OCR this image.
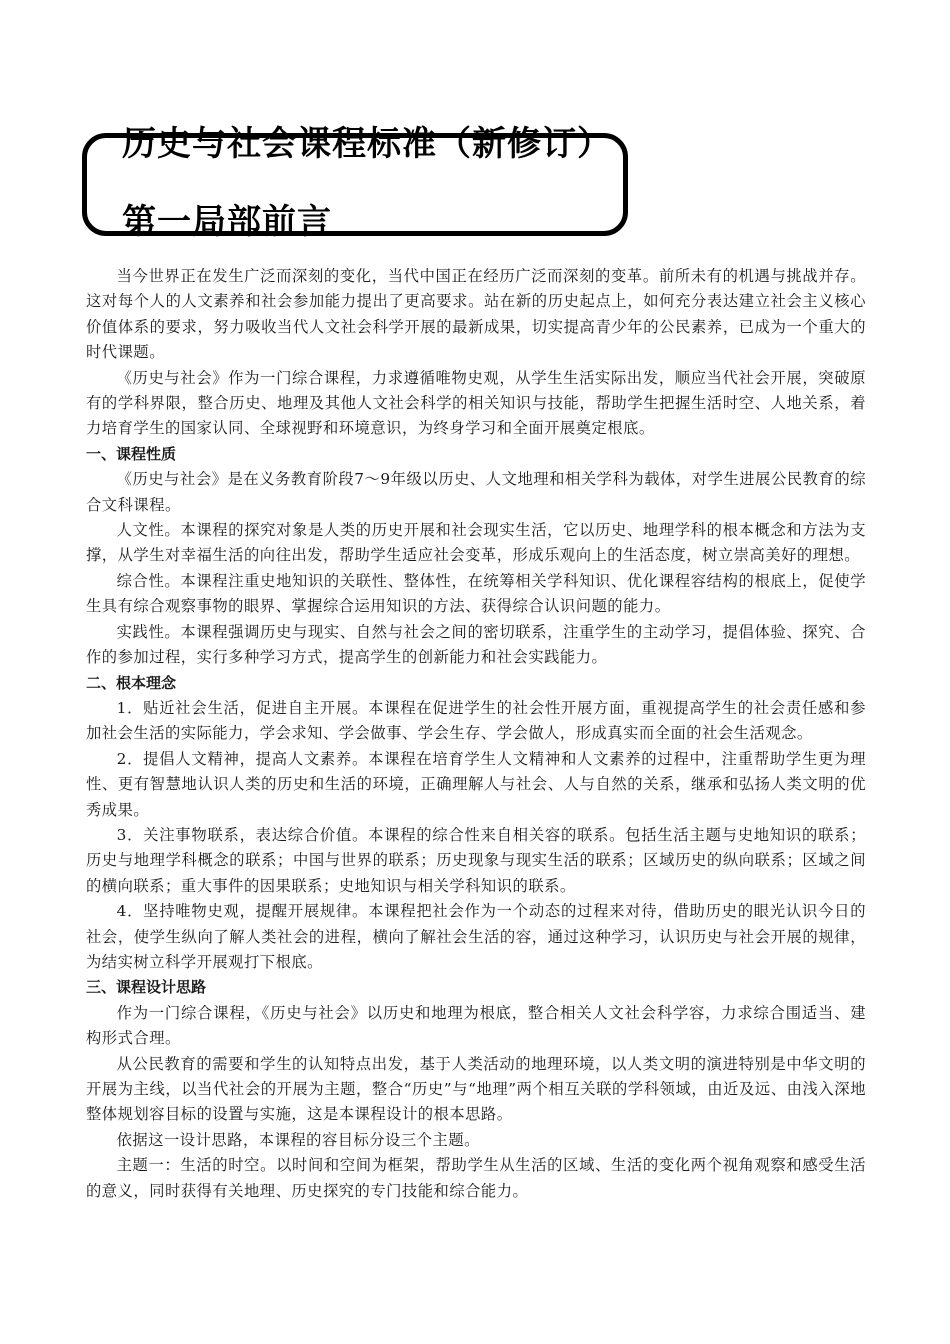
历史与社会课程标准（新修订）
第一局部前言

当今世界正在发生广泛而深刻的变化，当代中国正在经历广泛而深刻的变革。前所未有的机遇与挑战并存。这对每个人的人文素养和社会参加能力提出了更高要求。站在新的历史起点上，如何充分表达建立社会主义核心价值体系的要求，努力吸收当代人文社会科学开展的最新成果，切实提高青少年的公民素养，已成为一个重大的时代课题。

《历史与社会》作为一门综合课程，力求遵循唯物史观，从学生生活实际出发，顺应当代社会开展，突破原有的学科界限，整合历史、地理及其他人文社会科学的相关知识与技能，帮助学生把握生活时空、人地关系，着力培育学生的国家认同、全球视野和环境意识，为终身学习和全面开展奠定根底。

一、课程性质

《历史与社会》是在义务教育阶段7～9年级以历史、人文地理和相关学科为载体，对学生进展公民教育的综合文科课程。

人文性。本课程的探究对象是人类的历史开展和社会现实生活，它以历史、地理学科的根本概念和方法为支撑，从学生对幸福生活的向往出发，帮助学生适应社会变革，形成乐观向上的生活态度，树立崇高美好的理想。

综合性。本课程注重史地知识的关联性、整体性，在统筹相关学科知识、优化课程容结构的根底上，促使学生具有综合观察事物的眼界、掌握综合运用知识的方法、获得综合认识问题的能力。

实践性。本课程强调历史与现实、自然与社会之间的密切联系，注重学生的主动学习，提倡体验、探究、合作的参加过程，实行多种学习方式，提高学生的创新能力和社会实践能力。

二、根本理念

1．贴近社会生活，促进自主开展。本课程在促进学生的社会性开展方面，重视提高学生的社会责任感和参加社会生活的实际能力，学会求知、学会做事、学会生存、学会做人，形成真实而全面的社会生活观念。

2．提倡人文精神，提高人文素养。本课程在培育学生人文精神和人文素养的过程中，注重帮助学生更为理性、更有智慧地认识人类的历史和生活的环境，正确理解人与社会、人与自然的关系，继承和弘扬人类文明的优秀成果。

3．关注事物联系，表达综合价值。本课程的综合性来自相关容的联系。包括生活主题与史地知识的联系；历史与地理学科概念的联系；中国与世界的联系；历史现象与现实生活的联系；区域历史的纵向联系；区域之间的横向联系；重大事件的因果联系；史地知识与相关学科知识的联系。

4．坚持唯物史观，提醒开展规律。本课程把社会作为一个动态的过程来对待，借助历史的眼光认识今日的社会，使学生纵向了解人类社会的进程，横向了解社会生活的容，通过这种学习，认识历史与社会开展的规律，为结实树立科学开展观打下根底。

三、课程设计思路

作为一门综合课程，《历史与社会》以历史和地理为根底，整合相关人文社会科学容，力求综合围适当、建构形式合理。

从公民教育的需要和学生的认知特点出发，基于人类活动的地理环境，以人类文明的演进特别是中华文明的开展为主线，以当代社会的开展为主题，整合“历史”与“地理”两个相互关联的学科领域，由近及远、由浅入深地整体规划容目标的设置与实施，这是本课程设计的根本思路。

依据这一设计思路，本课程的容目标分设三个主题。

主题一：生活的时空。以时间和空间为框架，帮助学生从生活的区域、生活的变化两个视角观察和感受生活的意义，同时获得有关地理、历史探究的专门技能和综合能力。
